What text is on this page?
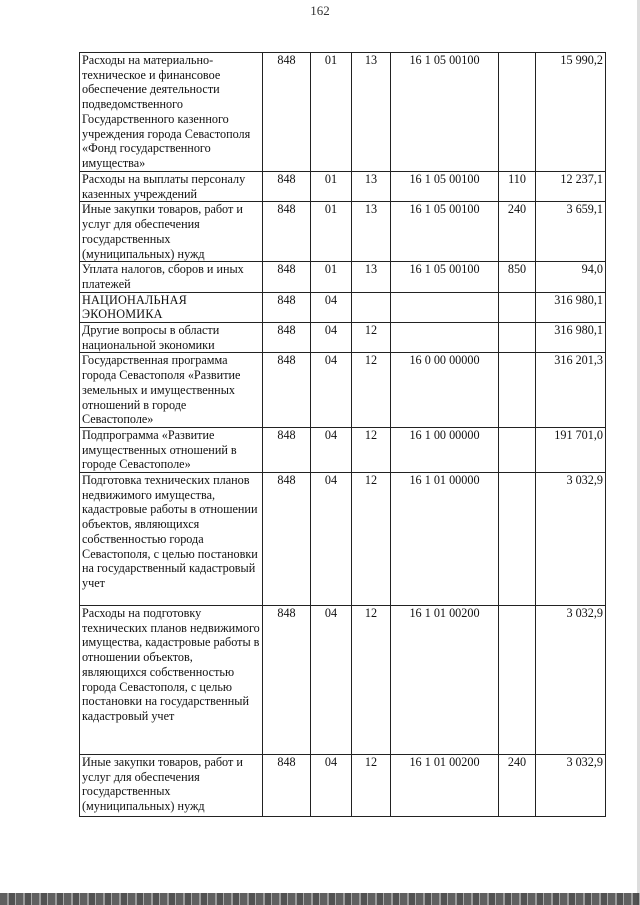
162
Расходы на материально-техническое и финансовое обеспечение деятельности подведомственного Государственного казенного учреждения города Севастополя «Фонд государственного имущества»	848	01	13	16 1 05 00100		15 990,2
Расходы на выплаты персоналу казенных учреждений	848	01	13	16 1 05 00100	110	12 237,1
Иные закупки товаров, работ и услуг для обеспечения государственных (муниципальных) нужд	848	01	13	16 1 05 00100	240	3 659,1
Уплата налогов, сборов и иных платежей	848	01	13	16 1 05 00100	850	94,0
НАЦИОНАЛЬНАЯ ЭКОНОМИКА	848	04				316 980,1
Другие вопросы в области национальной экономики	848	04	12			316 980,1
Государственная программа города Севастополя «Развитие земельных и имущественных отношений в городе Севастополе»	848	04	12	16 0 00 00000		316 201,3
Подпрограмма «Развитие имущественных отношений в городе Севастополе»	848	04	12	16 1 00 00000		191 701,0
Подготовка технических планов недвижимого имущества, кадастровые работы в отношении объектов, являющихся собственностью города Севастополя, с целью постановки на государственный кадастровый учет	848	04	12	16 1 01 00000		3 032,9
Расходы на подготовку технических планов недвижимого имущества, кадастровые работы в отношении объектов, являющихся собственностью города Севастополя, с целью постановки на государственный кадастровый учет	848	04	12	16 1 01 00200		3 032,9
Иные закупки товаров, работ и услуг для обеспечения государственных (муниципальных) нужд	848	04	12	16 1 01 00200	240	3 032,9
